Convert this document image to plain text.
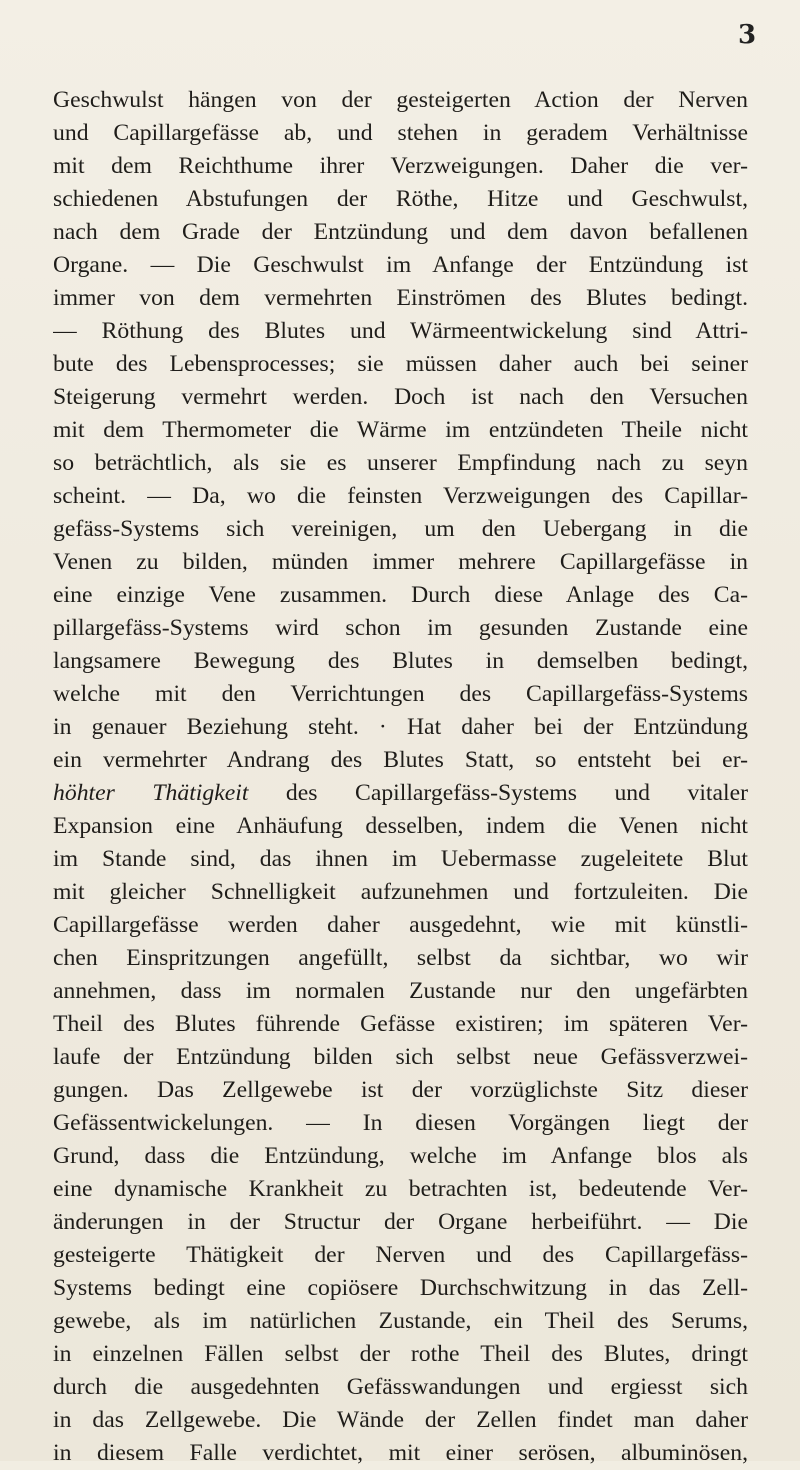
3
Geschwulst hängen von der gesteigerten Action der Nerven
und Capillargefässe ab, und stehen in geradem Verhältnisse
mit dem Reichthume ihrer Verzweigungen. Daher die ver-
schiedenen Abstufungen der Röthe, Hitze und Geschwulst,
nach dem Grade der Entzündung und dem davon befallenen
Organe. — Die Geschwulst im Anfange der Entzündung ist
immer von dem vermehrten Einströmen des Blutes bedingt.
— Röthung des Blutes und Wärmeentwickelung sind Attri-
bute des Lebensprocesses; sie müssen daher auch bei seiner
Steigerung vermehrt werden. Doch ist nach den Versuchen
mit dem Thermometer die Wärme im entzündeten Theile nicht
so beträchtlich, als sie es unserer Empfindung nach zu seyn
scheint. — Da, wo die feinsten Verzweigungen des Capillar-
gefäss-Systems sich vereinigen, um den Uebergang in die
Venen zu bilden, münden immer mehrere Capillargefässe in
eine einzige Vene zusammen. Durch diese Anlage des Ca-
pillargefäss-Systems wird schon im gesunden Zustande eine
langsamere Bewegung des Blutes in demselben bedingt,
welche mit den Verrichtungen des Capillargefäss-Systems
in genauer Beziehung steht. · Hat daher bei der Entzündung
ein vermehrter Andrang des Blutes Statt, so entsteht bei er-
höhter Thätigkeit des Capillargefäss-Systems und vitaler
Expansion eine Anhäufung desselben, indem die Venen nicht
im Stande sind, das ihnen im Uebermasse zugeleitete Blut
mit gleicher Schnelligkeit aufzunehmen und fortzuleiten. Die
Capillargefässe werden daher ausgedehnt, wie mit künstli-
chen Einspritzungen angefüllt, selbst da sichtbar, wo wir
annehmen, dass im normalen Zustande nur den ungefärbten
Theil des Blutes führende Gefässe existiren; im späteren Ver-
laufe der Entzündung bilden sich selbst neue Gefässverzwei-
gungen. Das Zellgewebe ist der vorzüglichste Sitz dieser
Gefässentwickelungen. — In diesen Vorgängen liegt der
Grund, dass die Entzündung, welche im Anfange blos als
eine dynamische Krankheit zu betrachten ist, bedeutende Ver-
änderungen in der Structur der Organe herbeiführt. — Die
gesteigerte Thätigkeit der Nerven und des Capillargefäss-
Systems bedingt eine copiösere Durchschwitzung in das Zell-
gewebe, als im natürlichen Zustande, ein Theil des Serums,
in einzelnen Fällen selbst der rothe Theil des Blutes, dringt
durch die ausgedehnten Gefässwandungen und ergiesst sich
in das Zellgewebe. Die Wände der Zellen findet man daher
in diesem Falle verdichtet, mit einer serösen, albuminösen,
